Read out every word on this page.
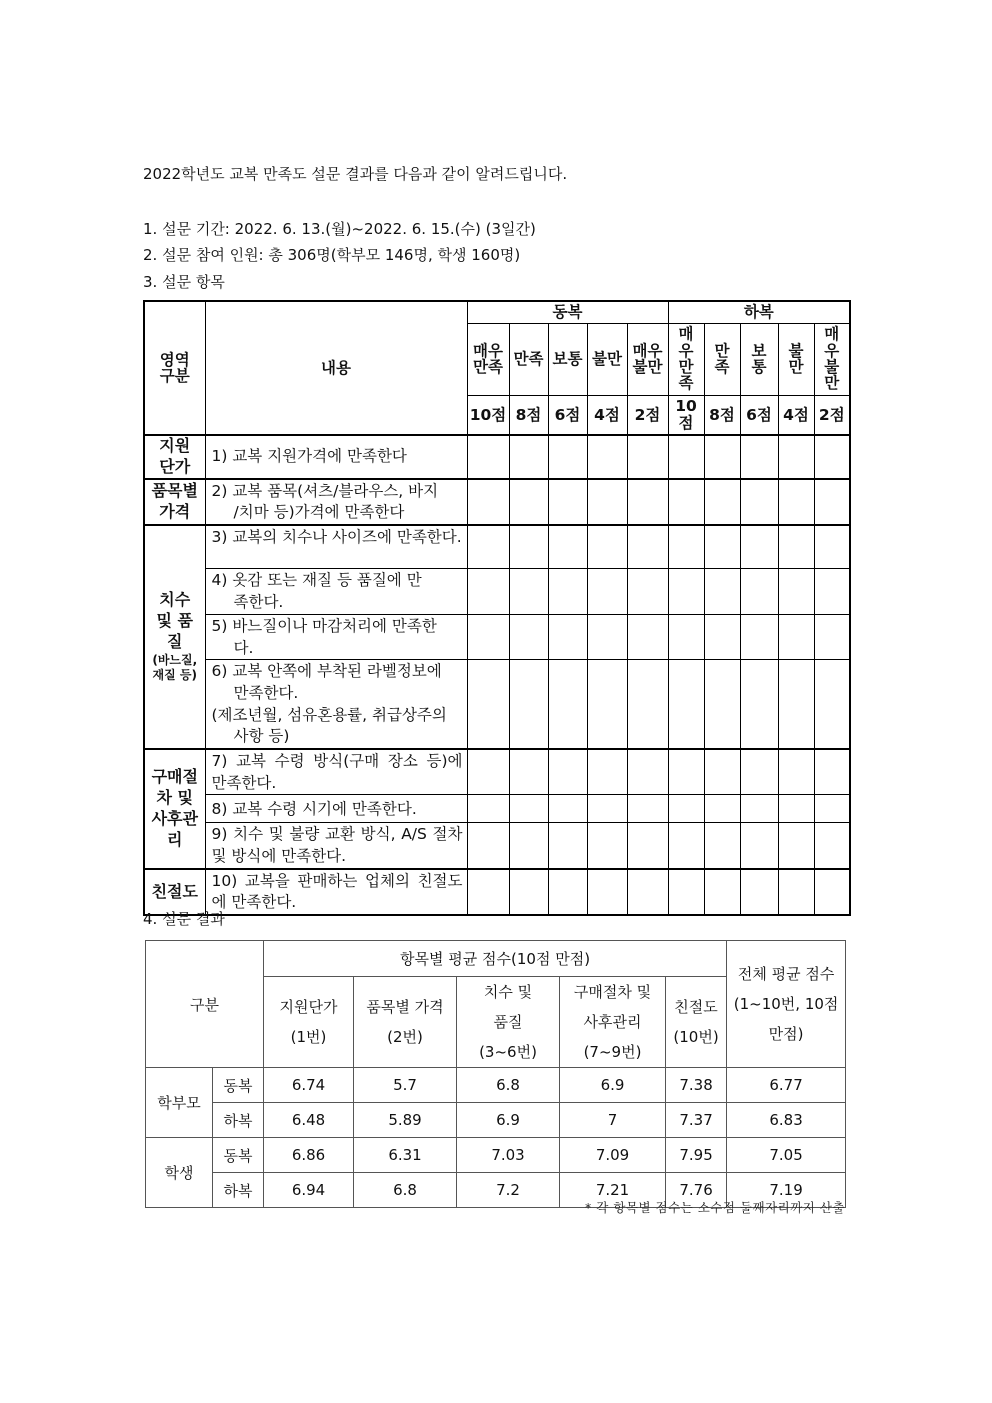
2022학년도 교복 만족도 설문 결과를 다음과 같이 알려드립니다.
1. 설문 기간: 2022. 6. 13.(월)~2022. 6. 15.(수) (3일간)
2. 설문 참여 인원: 총 306명(학부모 146명, 학생 160명)
3. 설문 항목
영역 구분	내용	동복					하복				
		매우 만족	만족	보통	불만	매우 불만	매우 만족	만족	보통	불만	매우 불만
		10점	8점	6점	4점	2점	10점	8점	6점	4점	2점
지원 단가	1) 교복 지원가격에 만족한다										
품목별 가격	2) 교복 품목(셔츠/블라우스, 바지
/치마 등)가격에 만족한다										

치수 및 품질
(바느질, 재질 등)	3) 교복의 치수나 사이즈에 만족한다.										
	4) 옷감 또는 재질 등 품질에 만
족한다.										

	5) 바느질이나 마감처리에 만족한
다.										

	6) 교복 안쪽에 부착된 라벨정보에
만족한다.
(제조년월, 섬유혼용률, 취급상주의
사항 등)										

구매절 차 및 사후관 리	7) 교복 수령 방식(구매 장소 등)에 만족한다.										
	8) 교복 수령 시기에 만족한다.										
	9) 치수 및 불량 교환 방식, A/S 절차 및 방식에 만족한다.										
친절도	10) 교복을 판매하는 업체의 친절도에 만족한다.										
4. 설문 결과
구분		항목별 평균 점수(10점 만점)					전체 평균 점수 (1~10번, 10점 만점)
		지원단가 (1번)	품목별 가격 (2번)	치수 및 품질 (3~6번)	구매절차 및 사후관리 (7~9번)	친절도 (10번)	
학부모	동복	6.74	5.7	6.8	6.9	7.38	6.77
	하복	6.48	5.89	6.9	7	7.37	6.83
학생	동복	6.86	6.31	7.03	7.09	7.95	7.05
	하복	6.94	6.8	7.2	7.21	7.76	7.19
* 각 항목별 점수는 소수점 둘째자리까지 산출
